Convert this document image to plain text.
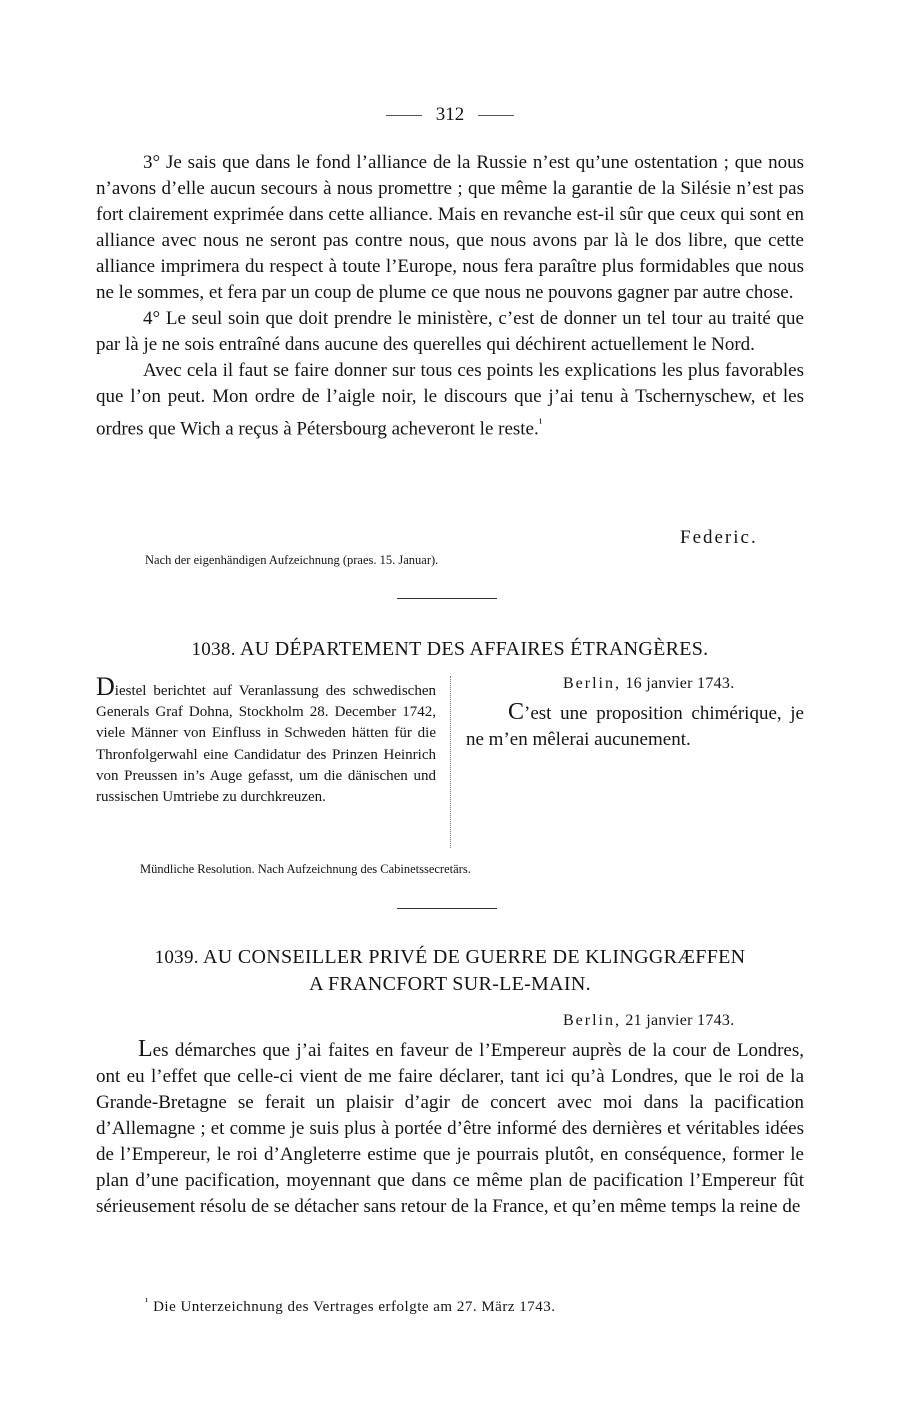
312

3° Je sais que dans le fond l’alliance de la Russie n’est qu’une ostentation ; que nous n’avons d’elle aucun secours à nous promettre ; que même la garantie de la Silésie n’est pas fort clairement exprimée dans cette alliance. Mais en revanche est-il sûr que ceux qui sont en alliance avec nous ne seront pas contre nous, que nous avons par là le dos libre, que cette alliance imprimera du respect à toute l’Europe, nous fera paraître plus formidables que nous ne le sommes, et fera par un coup de plume ce que nous ne pouvons gagner par autre chose.

4° Le seul soin que doit prendre le ministère, c’est de donner un tel tour au traité que par là je ne sois entraîné dans aucune des querelles qui déchirent actuellement le Nord.

Avec cela il faut se faire donner sur tous ces points les explications les plus favorables que l’on peut. Mon ordre de l’aigle noir, le discours que j’ai tenu à Tschernyschew, et les ordres que Wich a reçus à Pétersbourg acheveront le reste.$^{^1}$

Federic.
Nach der eigenhändigen Aufzeichnung (praes. 15. Januar).
1038. AU DÉPARTEMENT DES AFFAIRES ÉTRANGÈRES.
Diestel berichtet auf Veranlassung des schwedischen Generals Graf Dohna, Stockholm 28. December 1742, viele Männer von Einfluss in Schweden hätten für die Thronfolgerwahl eine Candidatur des Prinzen Heinrich von Preussen in’s Auge gefasst, um die dänischen und russischen Umtriebe zu durchkreuzen.
Berlin, 16 janvier 1743.
C’est une proposition chimérique, je ne m’en mêlerai aucunement.
Mündliche Resolution. Nach Aufzeichnung des Cabinetssecretärs.
1039. AU CONSEILLER PRIVÉ DE GUERRE DE KLINGGRÆFFEN
A FRANCFORT SUR-LE-MAIN.
Berlin, 21 janvier 1743.
Les démarches que j’ai faites en faveur de l’Empereur auprès de la cour de Londres, ont eu l’effet que celle-ci vient de me faire déclarer, tant ici qu’à Londres, que le roi de la Grande-Bretagne se ferait un plaisir d’agir de concert avec moi dans la pacification d’Allemagne ; et comme je suis plus à portée d’être informé des dernières et véritables idées de l’Empereur, le roi d’Angleterre estime que je pourrais plutôt, en conséquence, former le plan d’une pacification, moyennant que dans ce même plan de pacification l’Empereur fût sérieusement résolu de se détacher sans retour de la France, et qu’en même temps la reine de
$^{^1}$ Die Unterzeichnung des Vertrages erfolgte am 27. März 1743.
